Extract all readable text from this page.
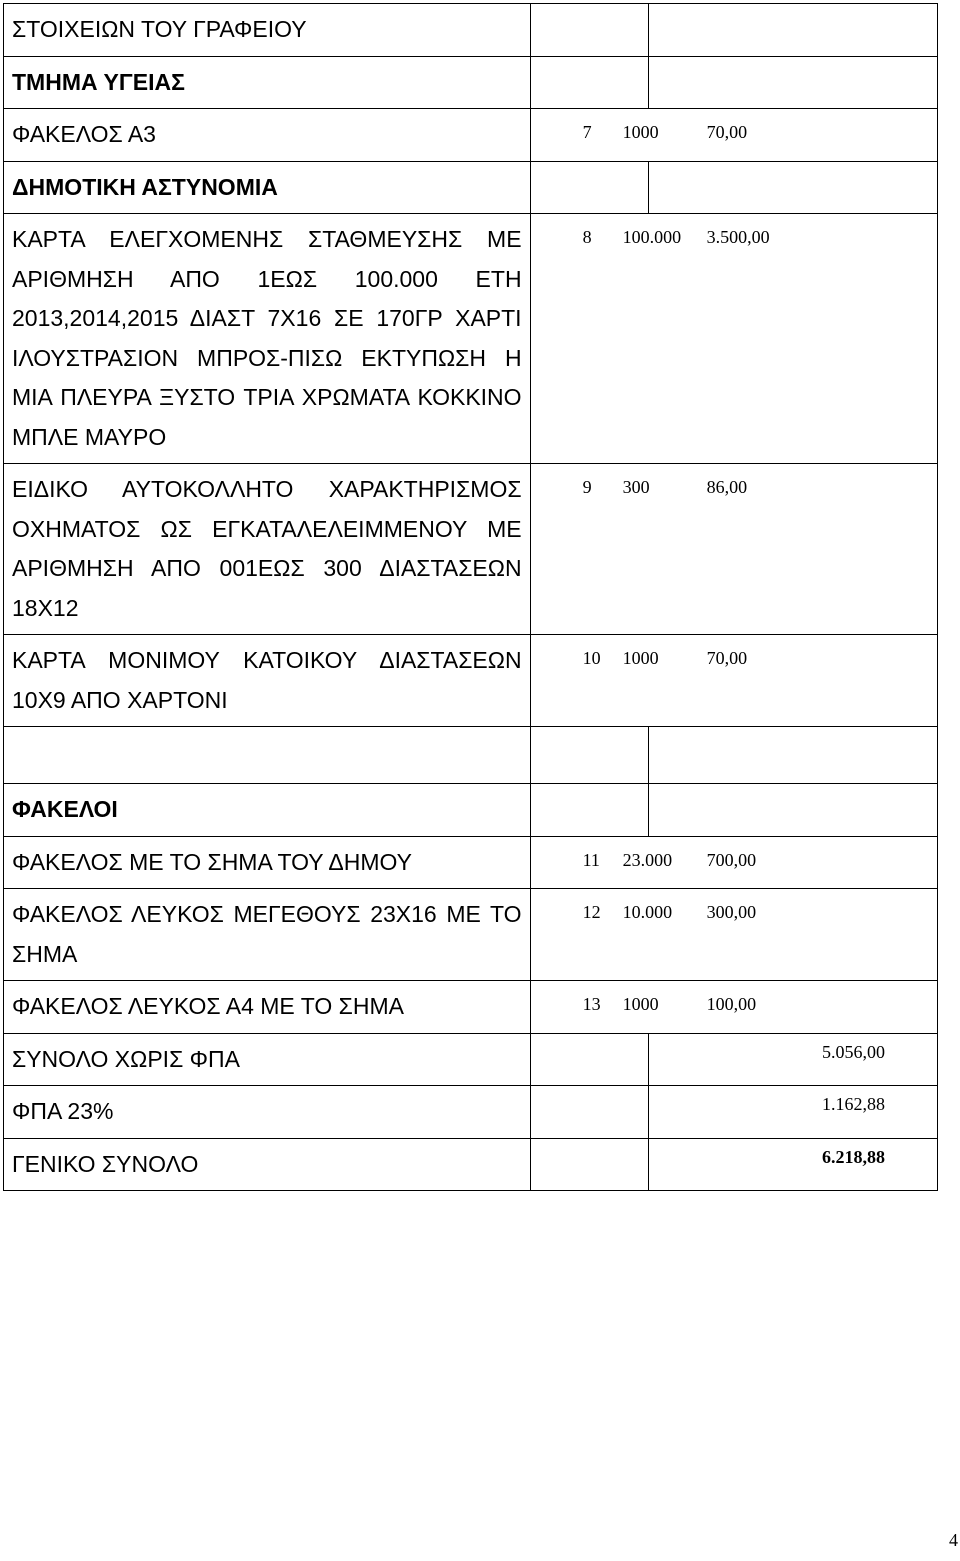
ΣΤΟΙΧΕΙΩΝ ΤΟΥ ΓΡΑΦΕΙΟΥ		
ΤΜΗΜΑ ΥΓΕΙΑΣ		
ΦΑΚΕΛΟΣ Α3	7 1000 70,00	
ΔΗΜΟΤΙΚΗ ΑΣΤΥΝΟΜΙΑ		
ΚΑΡΤΑ ΕΛΕΓΧΟΜΕΝΗΣ ΣΤΑΘΜΕΥΣΗΣ ΜΕ ΑΡΙΘΜΗΣΗ ΑΠΟ 1ΕΩΣ 100.000 ΕΤΗ 2013,2014,2015 ΔΙΑΣΤ 7Χ16 ΣΕ 170ΓΡ ΧΑΡΤΙ ΙΛΟΥΣΤΡΑΣΙΟΝ ΜΠΡΟΣ-ΠΙΣΩ ΕΚΤΥΠΩΣΗ Η ΜΙΑ ΠΛΕΥΡΑ ΞΥΣΤΟ ΤΡΙΑ ΧΡΩΜΑΤΑ ΚΟΚΚΙΝΟ ΜΠΛΕ ΜΑΥΡΟ	8 100.000 3.500,00	
ΕΙΔΙΚΟ ΑΥΤΟΚΟΛΛΗΤΟ ΧΑΡΑΚΤΗΡΙΣΜΟΣ ΟΧΗΜΑΤΟΣ ΩΣ ΕΓΚΑΤΑΛΕΛΕΙΜΜΕΝΟΥ ΜΕ ΑΡΙΘΜΗΣΗ ΑΠΟ 001ΕΩΣ 300 ΔΙΑΣΤΑΣΕΩΝ 18Χ12	9 300 86,00	
ΚΑΡΤΑ ΜΟΝΙΜΟΥ ΚΑΤΟΙΚΟΥ ΔΙΑΣΤΑΣΕΩΝ 10Χ9 ΑΠΟ ΧΑΡΤΟΝΙ	10 1000 70,00	

ΦΑΚΕΛΟΙ		
ΦΑΚΕΛΟΣ ΜΕ ΤΟ ΣΗΜΑ ΤΟΥ ΔΗΜΟΥ	11 23.000 700,00	
ΦΑΚΕΛΟΣ ΛΕΥΚΟΣ ΜΕΓΕΘΟΥΣ 23Χ16 ΜΕ ΤΟ ΣΗΜΑ	12 10.000 300,00	
ΦΑΚΕΛΟΣ ΛΕΥΚΟΣ Α4 ΜΕ ΤΟ ΣΗΜΑ	13 1000 100,00	
ΣΥΝΟΛΟ ΧΩΡΙΣ ΦΠΑ		5.056,00
ΦΠΑ 23%		1.162,88
ΓΕΝΙΚΟ ΣΥΝΟΛΟ		6.218,88
4
